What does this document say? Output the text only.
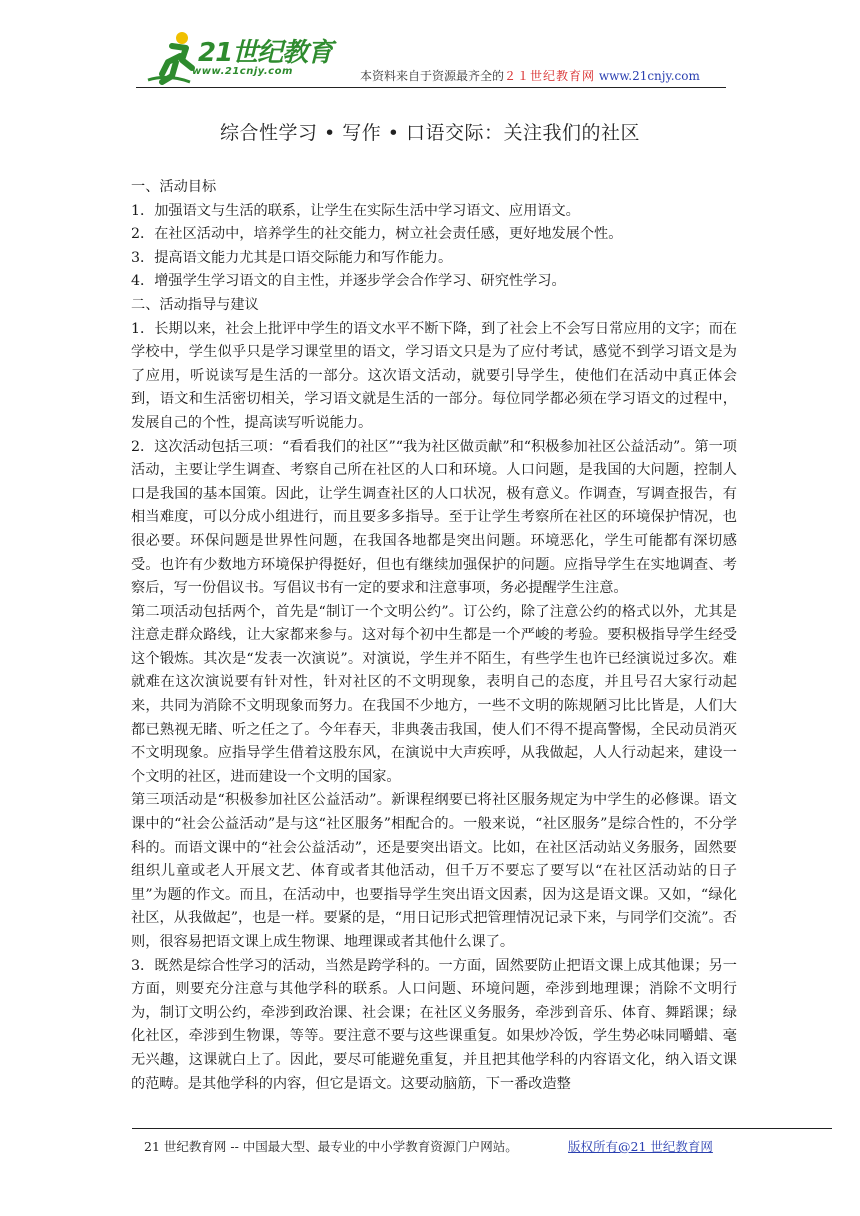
21世纪教育
www.21cnjy.com	本资料来自于资源最齐全的２１世纪教育网 www.21cnjy.com
综合性学习 • 写作 • 口语交际：关注我们的社区

一、活动目标

1．加强语文与生活的联系，让学生在实际生活中学习语文、应用语文。

2．在社区活动中，培养学生的社交能力，树立社会责任感，更好地发展个性。

3．提高语文能力尤其是口语交际能力和写作能力。

4．增强学生学习语文的自主性，并逐步学会合作学习、研究性学习。

二、活动指导与建议

1．长期以来，社会上批评中学生的语文水平不断下降，到了社会上不会写日常应用的文字；而在学校中，学生似乎只是学习课堂里的语文，学习语文只是为了应付考试，感觉不到学习语文是为了应用，听说读写是生活的一部分。这次语文活动，就要引导学生，使他们在活动中真正体会到，语文和生活密切相关，学习语文就是生活的一部分。每位同学都必须在学习语文的过程中，发展自己的个性，提高读写听说能力。

2．这次活动包括三项：“看看我们的社区”“我为社区做贡献”和“积极参加社区公益活动”。第一项活动，主要让学生调查、考察自己所在社区的人口和环境。人口问题，是我国的大问题，控制人口是我国的基本国策。因此，让学生调查社区的人口状况，极有意义。作调查，写调查报告，有相当难度，可以分成小组进行，而且要多多指导。至于让学生考察所在社区的环境保护情况，也很必要。环保问题是世界性问题，在我国各地都是突出问题。环境恶化，学生可能都有深切感受。也许有少数地方环境保护得挺好，但也有继续加强保护的问题。应指导学生在实地调查、考察后，写一份倡议书。写倡议书有一定的要求和注意事项，务必提醒学生注意。

第二项活动包括两个，首先是“制订一个文明公约”。订公约，除了注意公约的格式以外，尤其是注意走群众路线，让大家都来参与。这对每个初中生都是一个严峻的考验。要积极指导学生经受这个锻炼。其次是“发表一次演说”。对演说，学生并不陌生，有些学生也许已经演说过多次。难就难在这次演说要有针对性，针对社区的不文明现象，表明自己的态度，并且号召大家行动起来，共同为消除不文明现象而努力。在我国不少地方，一些不文明的陈规陋习比比皆是，人们大都已熟视无睹、听之任之了。今年春天，非典袭击我国，使人们不得不提高警惕，全民动员消灭不文明现象。应指导学生借着这股东风，在演说中大声疾呼，从我做起，人人行动起来，建设一个文明的社区，进而建设一个文明的国家。

第三项活动是“积极参加社区公益活动”。新课程纲要已将社区服务规定为中学生的必修课。语文课中的“社会公益活动”是与这“社区服务”相配合的。一般来说，“社区服务”是综合性的，不分学科的。而语文课中的“社会公益活动”，还是要突出语文。比如，在社区活动站义务服务，固然要组织儿童或老人开展文艺、体育或者其他活动，但千万不要忘了要写以“在社区活动站的日子里”为题的作文。而且，在活动中，也要指导学生突出语文因素，因为这是语文课。又如，“绿化社区，从我做起”，也是一样。要紧的是，“用日记形式把管理情况记录下来，与同学们交流”。否则，很容易把语文课上成生物课、地理课或者其他什么课了。

3．既然是综合性学习的活动，当然是跨学科的。一方面，固然要防止把语文课上成其他课；另一方面，则要充分注意与其他学科的联系。人口问题、环境问题，牵涉到地理课；消除不文明行为，制订文明公约，牵涉到政治课、社会课；在社区义务服务，牵涉到音乐、体育、舞蹈课；绿化社区，牵涉到生物课，等等。要注意不要与这些课重复。如果炒冷饭，学生势必味同嚼蜡、毫无兴趣，这课就白上了。因此，要尽可能避免重复，并且把其他学科的内容语文化，纳入语文课的范畴。是其他学科的内容，但它是语文。这要动脑筋，下一番改造整

21 世纪教育网 -- 中国最大型、最专业的中小学教育资源门户网站。	版权所有@21 世纪教育网
